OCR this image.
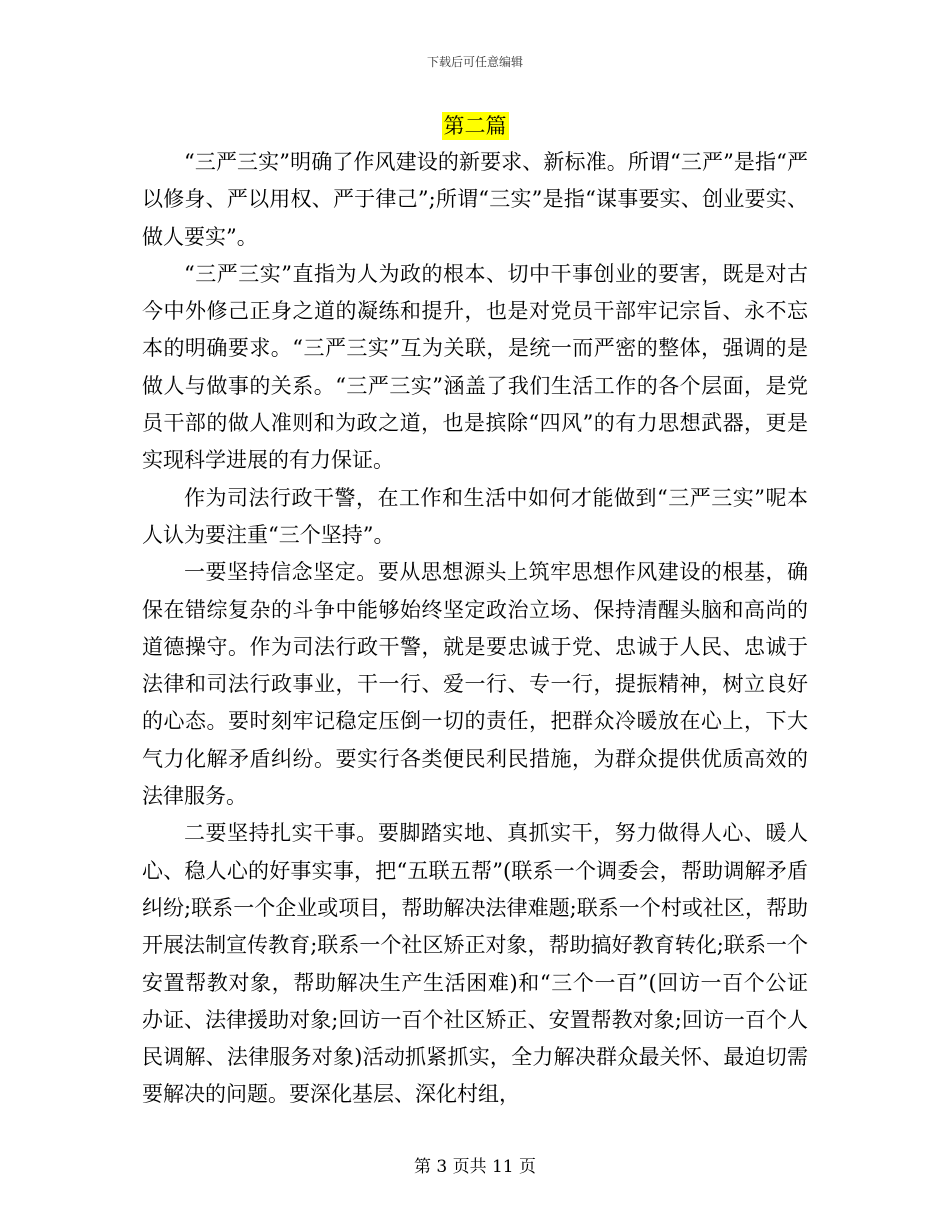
下载后可任意编辑
第二篇

“三严三实”明确了作风建设的新要求、新标准。所谓“三严”是指“严以修身、严以用权、严于律己”;所谓“三实”是指“谋事要实、创业要实、做人要实”。

“三严三实”直指为人为政的根本、切中干事创业的要害，既是对古今中外修己正身之道的凝练和提升，也是对党员干部牢记宗旨、永不忘本的明确要求。“三严三实”互为关联，是统一而严密的整体，强调的是做人与做事的关系。“三严三实”涵盖了我们生活工作的各个层面，是党员干部的做人准则和为政之道，也是摈除“四风”的有力思想武器，更是实现科学进展的有力保证。

作为司法行政干警，在工作和生活中如何才能做到“三严三实”呢本人认为要注重“三个坚持”。

一要坚持信念坚定。要从思想源头上筑牢思想作风建设的根基，确保在错综复杂的斗争中能够始终坚定政治立场、保持清醒头脑和高尚的道德操守。作为司法行政干警，就是要忠诚于党、忠诚于人民、忠诚于法律和司法行政事业，干一行、爱一行、专一行，提振精神，树立良好的心态。要时刻牢记稳定压倒一切的责任，把群众冷暖放在心上，下大气力化解矛盾纠纷。要实行各类便民利民措施，为群众提供优质高效的法律服务。

二要坚持扎实干事。要脚踏实地、真抓实干，努力做得人心、暖人心、稳人心的好事实事，把“五联五帮”(联系一个调委会，帮助调解矛盾纠纷;联系一个企业或项目，帮助解决法律难题;联系一个村或社区，帮助开展法制宣传教育;联系一个社区矫正对象，帮助搞好教育转化;联系一个安置帮教对象，帮助解决生产生活困难)和“三个一百”(回访一百个公证办证、法律援助对象;回访一百个社区矫正、安置帮教对象;回访一百个人民调解、法律服务对象)活动抓紧抓实，全力解决群众最关怀、最迫切需要解决的问题。要深化基层、深化村组，

第 3 页共 11 页
